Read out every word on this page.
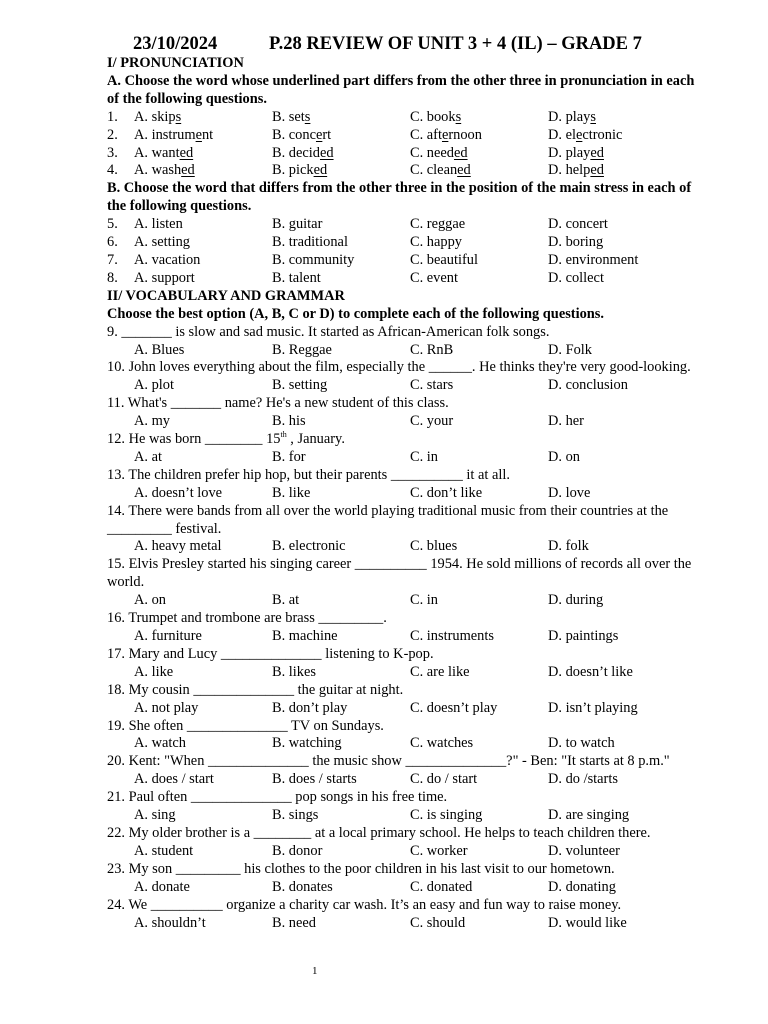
23/10/2024	P.28 REVIEW OF UNIT 3 + 4 (IL) – GRADE 7
I/ PRONUNCIATION
A. Choose the word whose underlined part differs from the other three in pronunciation in each of the following questions.
1.	A. skips	B. sets	C. books	D. plays
2.	A. instrument	B. concert	C. afternoon	D. electronic
3.	A. wanted	B. decided	C. needed	D. played
4.	A. washed	B. picked	C. cleaned	D. helped
B. Choose the word that differs from the other three in the position of the main stress in each of the following questions.
5.	A. listen	B. guitar	C. reggae	D. concert
6.	A. setting	B. traditional	C. happy	D. boring
7.	A. vacation	B. community	C. beautiful	D. environment
8.	A. support	B. talent	C. event	D. collect
II/ VOCABULARY AND GRAMMAR
Choose the best option (A, B, C or D) to complete each of the following questions.
9. _______ is slow and sad music. It started as African-American folk songs.
A. Blues	B. Reggae	C. RnB	D. Folk
10. John loves everything about the film, especially the ______. He thinks they're very good-looking.
A. plot	B. setting	C. stars	D. conclusion
11. What's _______ name? He's a new student of this class.
A. my	B. his	C. your	D. her
12. He was born ________ 15th , January.
A. at	B. for	C. in	D. on
13. The children prefer hip hop, but their parents __________ it at all.
A. doesn’t love	B. like	C. don’t like	D. love
14. There were bands from all over the world playing traditional music from their countries at the _________ festival.
A. heavy metal	B. electronic	C. blues	D. folk
15. Elvis Presley started his singing career __________ 1954. He sold millions of records all over the world.
A. on	B. at	C. in	D. during
16. Trumpet and trombone are brass _________.
A. furniture	B. machine	C. instruments	D. paintings
17. Mary and Lucy ______________ listening to K-pop.
A. like	B. likes	C. are like	D. doesn’t like
18. My cousin ______________ the guitar at night.
A. not play	B. don’t play	C. doesn’t play	D. isn’t playing
19. She often ______________ TV on Sundays.
A. watch	B. watching	C. watches	D. to watch
20. Kent: "When ______________ the music show ______________?" - Ben: "It starts at 8 p.m."
A. does / start	B. does / starts	C. do / start	D. do /starts
21. Paul often ______________ pop songs in his free time.
A. sing	B. sings	C. is singing	D. are singing
22. My older brother is a ________ at a local primary school. He helps to teach children there.
A. student	B. donor	C. worker	D. volunteer
23. My son _________ his clothes to the poor children in his last visit to our hometown.
A. donate	B. donates	C. donated	D. donating
24. We __________ organize a charity car wash. It’s an easy and fun way to raise money.
A. shouldn’t	B. need	C. should	D. would like
1
